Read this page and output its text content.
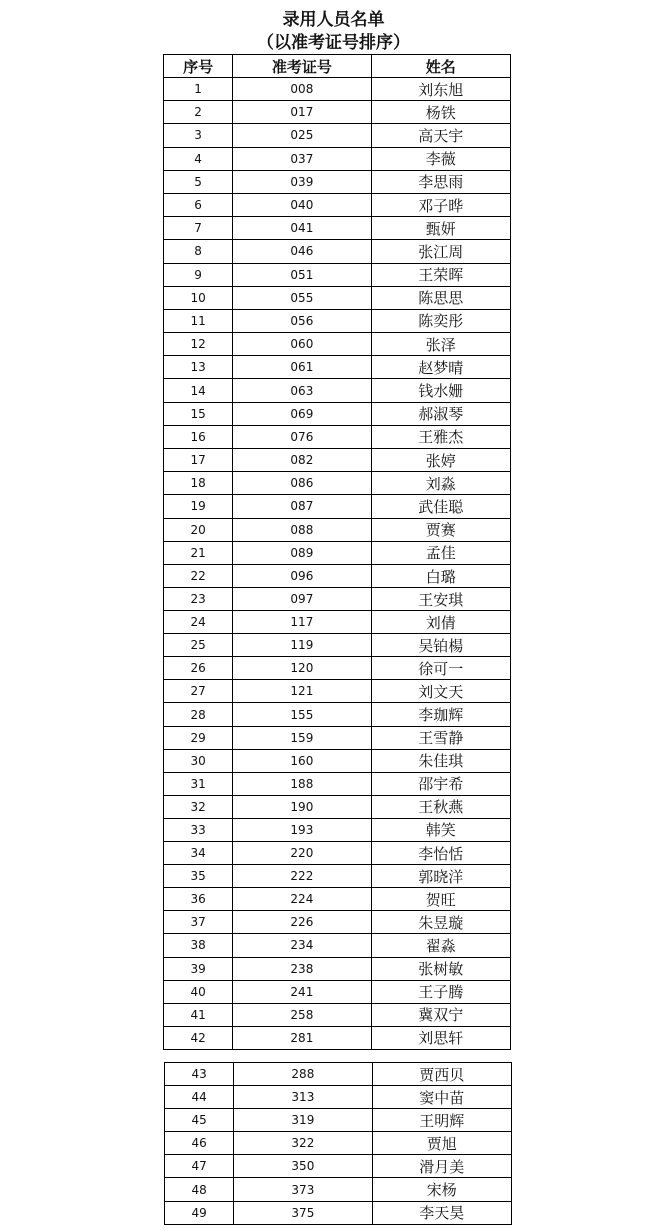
录用人员名单
（以准考证号排序）
序号	准考证号	姓名
1	008	刘东旭
2	017	杨铁
3	025	高天宇
4	037	李薇
5	039	李思雨
6	040	邓子晔
7	041	甄妍
8	046	张江周
9	051	王荣晖
10	055	陈思思
11	056	陈奕彤
12	060	张泽
13	061	赵梦晴
14	063	钱水姗
15	069	郝淑琴
16	076	王雅杰
17	082	张婷
18	086	刘淼
19	087	武佳聪
20	088	贾赛
21	089	孟佳
22	096	白璐
23	097	王安琪
24	117	刘倩
25	119	吴铂楊
26	120	徐可一
27	121	刘文天
28	155	李珈辉
29	159	王雪静
30	160	朱佳琪
31	188	邵宇希
32	190	王秋燕
33	193	韩笑
34	220	李怡恬
35	222	郭晓洋
36	224	贺旺
37	226	朱昱璇
38	234	翟淼
39	238	张树敏
40	241	王子腾
41	258	冀双宁
42	281	刘思轩
43	288	贾西贝
44	313	窦中苗
45	319	王明辉
46	322	贾旭
47	350	滑月美
48	373	宋杨
49	375	李天昊
